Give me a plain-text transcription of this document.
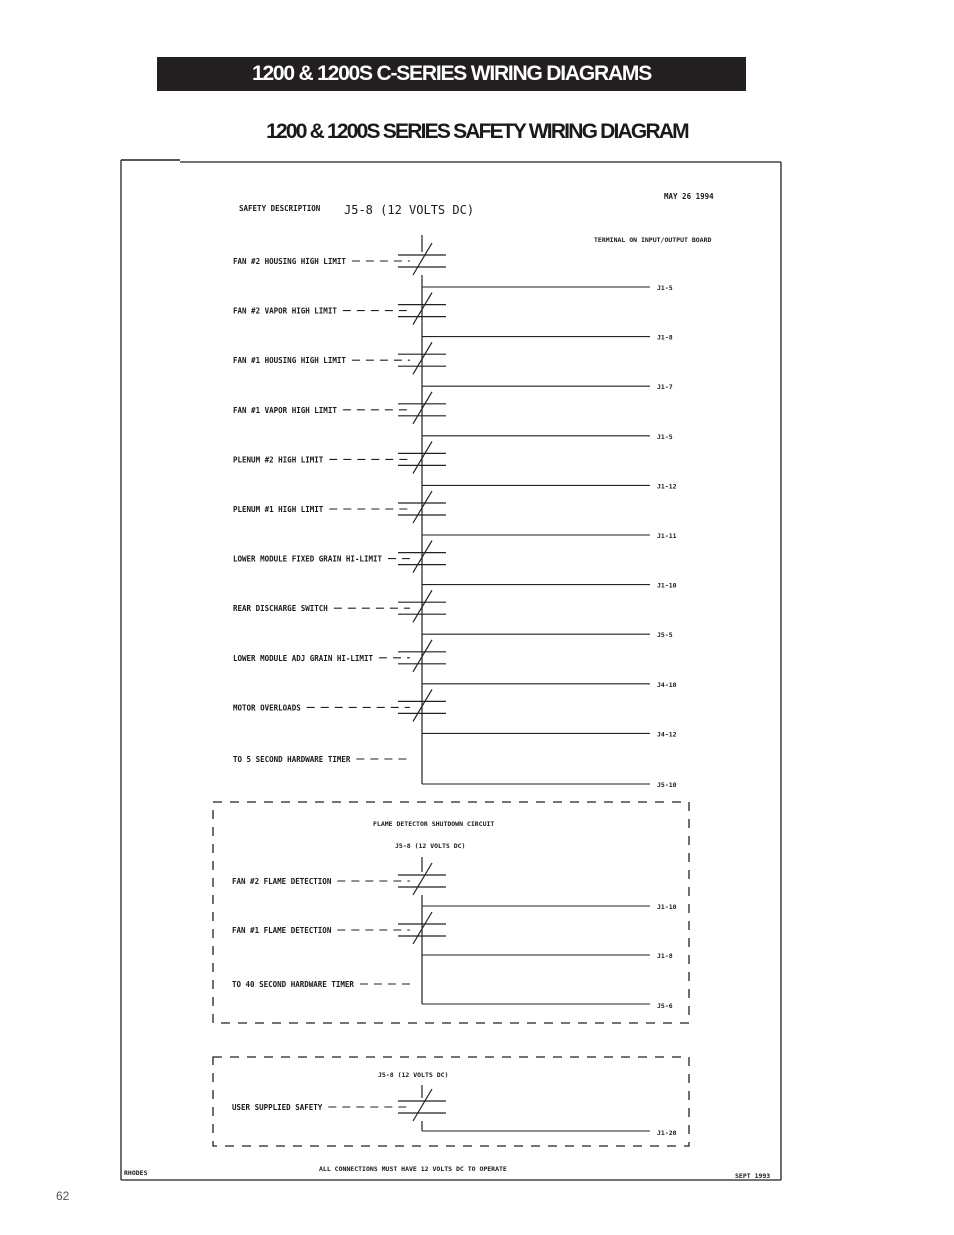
1200 & 1200S C-SERIES WIRING DIAGRAMS
1200 & 1200S SERIES SAFETY WIRING DIAGRAM
62
MAY 26 1994
SAFETY DESCRIPTION J5-8 (12 VOLTS DC)
TERMINAL ON INPUT/OUTPUT BOARD
FAN #2 HOUSING HIGH LIMIT
J1-5
FAN #2 VAPOR HIGH LIMIT
J1-8
FAN #1 HOUSING HIGH LIMIT
J1-7
FAN #1 VAPOR HIGH LIMIT
J1-5
PLENUM #2 HIGH LIMIT
J1-12
PLENUM #1 HIGH LIMIT
J1-11
LOWER MODULE FIXED GRAIN HI-LIMIT
J1-10
REAR DISCHARGE SWITCH
J5-5
LOWER MODULE ADJ GRAIN HI-LIMIT
J4-10
MOTOR OVERLOADS
J4-12
TO 5 SECOND HARDWARE TIMER
J5-10
FLAME DETECTOR SHUTDOWN CIRCUIT
J5-8 (12 VOLTS DC)
FAN #2 FLAME DETECTION
J1-10
FAN #1 FLAME DETECTION
J1-8
TO 40 SECOND HARDWARE TIMER
J5-6
J5-8 (12 VOLTS DC)
USER SUPPLIED SAFETY
J1-20
RHODES	ALL CONNECTIONS MUST HAVE 12 VOLTS DC TO OPERATE
SEPT 1993
